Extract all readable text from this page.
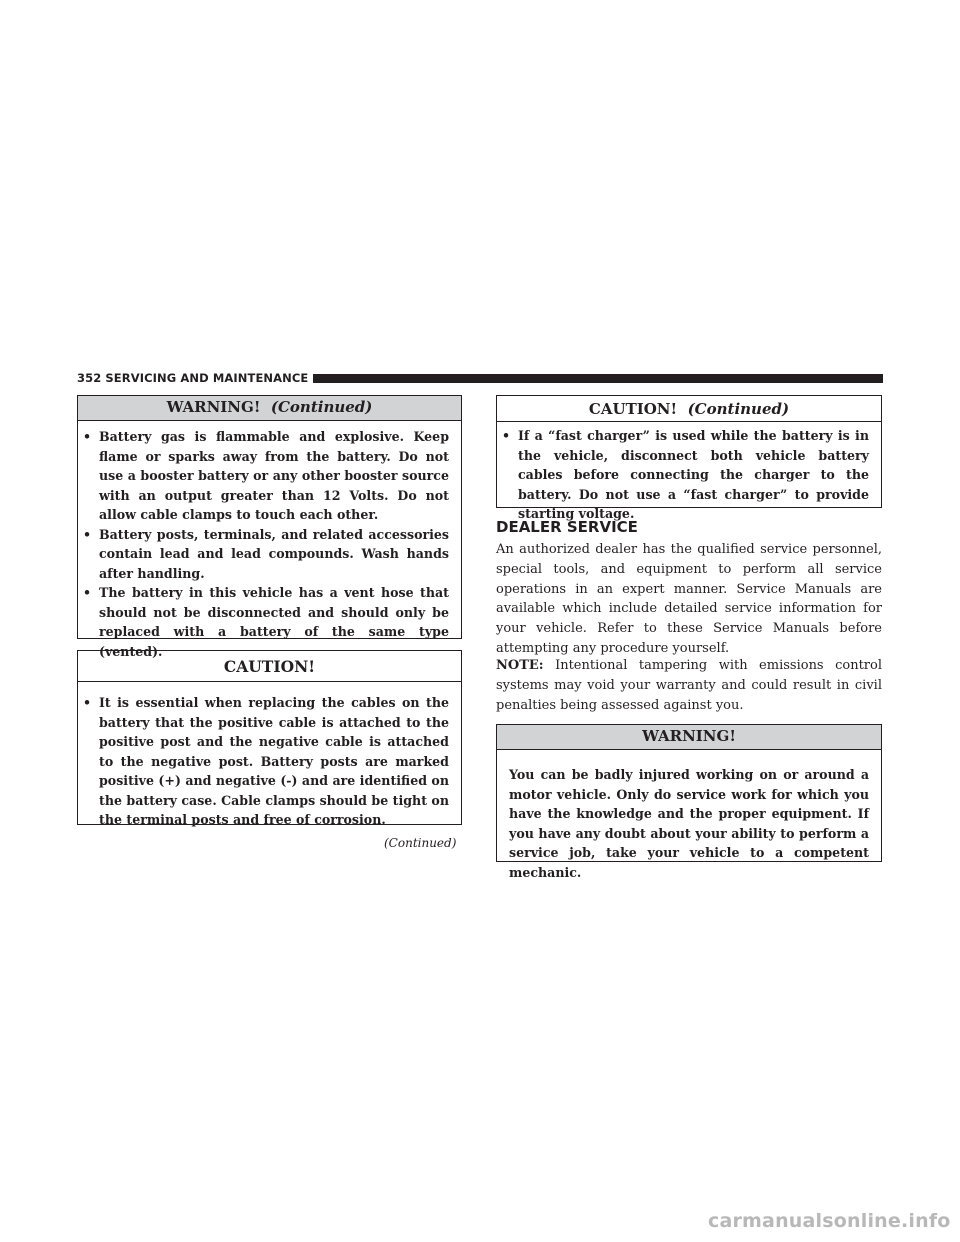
352 SERVICING AND MAINTENANCE
WARNING! (Continued)
• Battery gas is flammable and explosive. Keep flame or sparks away from the battery. Do not use a booster battery or any other booster source with an output greater than 12 Volts. Do not allow cable clamps to touch each other.
• Battery posts, terminals, and related accessories contain lead and lead compounds. Wash hands after handling.
• The battery in this vehicle has a vent hose that should not be disconnected and should only be replaced with a battery of the same type (vented).
CAUTION!
• It is essential when replacing the cables on the battery that the positive cable is attached to the positive post and the negative cable is attached to the negative post. Battery posts are marked positive (+) and negative (-) and are identified on the battery case. Cable clamps should be tight on the terminal posts and free of corrosion.
(Continued)
CAUTION! (Continued)
• If a “fast charger” is used while the battery is in the vehicle, disconnect both vehicle battery cables before connecting the charger to the battery. Do not use a “fast charger” to provide starting voltage.
DEALER SERVICE
An authorized dealer has the qualified service personnel, special tools, and equipment to perform all service operations in an expert manner. Service Manuals are available which include detailed service information for your vehicle. Refer to these Service Manuals before attempting any procedure yourself.
NOTE: Intentional tampering with emissions control systems may void your warranty and could result in civil penalties being assessed against you.
WARNING!
You can be badly injured working on or around a motor vehicle. Only do service work for which you have the knowledge and the proper equipment. If you have any doubt about your ability to perform a service job, take your vehicle to a competent mechanic.
carmanualsonline.info
